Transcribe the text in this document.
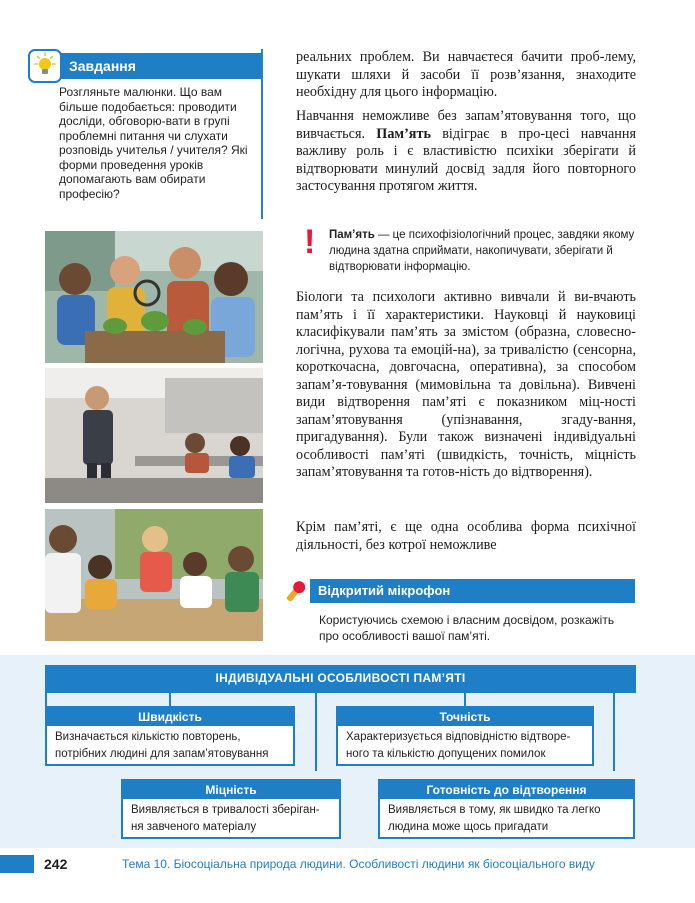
Завдання
Розгляньте малюнки. Що вам більше подобається: проводити досліди, обговорю-вати в групі проблемні питання чи слухати розповідь учителья / учителя? Які форми проведення уроків допомагають вам обирати професію?

реальних проблем. Ви навчаєтеся бачити проб-лему, шукати шляхи й засоби її розв’язання, знаходите необхідну для цього інформацію.

Навчання неможливе без запам’ятовування того, що вивчається. Пам’ять відіграє в про-цесі навчання важливу роль і є властивістю психіки зберігати й відтворювати минулий досвід задля його повторного застосування протягом життя.

! Пам’ять — це психофізіологічний процес, завдяки якому людина здатна сприймати, накопичувати, зберігати й відтворювати інформацію.

Біологи та психологи активно вивчали й ви-вчають пам’ять і її характеристики. Науковці й науковиці класифікували пам’ять за змістом (образна, словесно-логічна, рухова та емоцій-на), за тривалістю (сенсорна, короткочасна, довгочасна, оперативна), за способом запам’я-товування (мимовільна та довільна). Вивчені види відтворення пам’яті є показником міц-ності запам’ятовування (упізнавання, згаду-вання, пригадування). Були також визначені індивідуальні особливості пам’яті (швидкість, точність, міцність запам’ятовування та готов-ність до відтворення).

Крім пам’яті, є ще одна особлива форма психічної діяльності, без котрої неможливе

Відкритий мікрофон
Користуючись схемою і власним досвідом, розкажіть про особливості вашої пам’яті.
ІНДИВІДУАЛЬНІ ОСОБЛИВОСТІ ПАМ’ЯТІ
Швидкість
Визначається кількістю повторень, потрібних людині для запам’ятовування
Точність
Характеризується відповідністю відтворе-ного та кількістю допущених помилок
Міцність
Виявляється в тривалості зберіган-ня завченого матеріалу
Готовність до відтворення
Виявляється в тому, як швидко та легко людина може щось пригадати
242	Тема 10. Біосоціальна природа людини. Особливості людини як біосоціального виду
